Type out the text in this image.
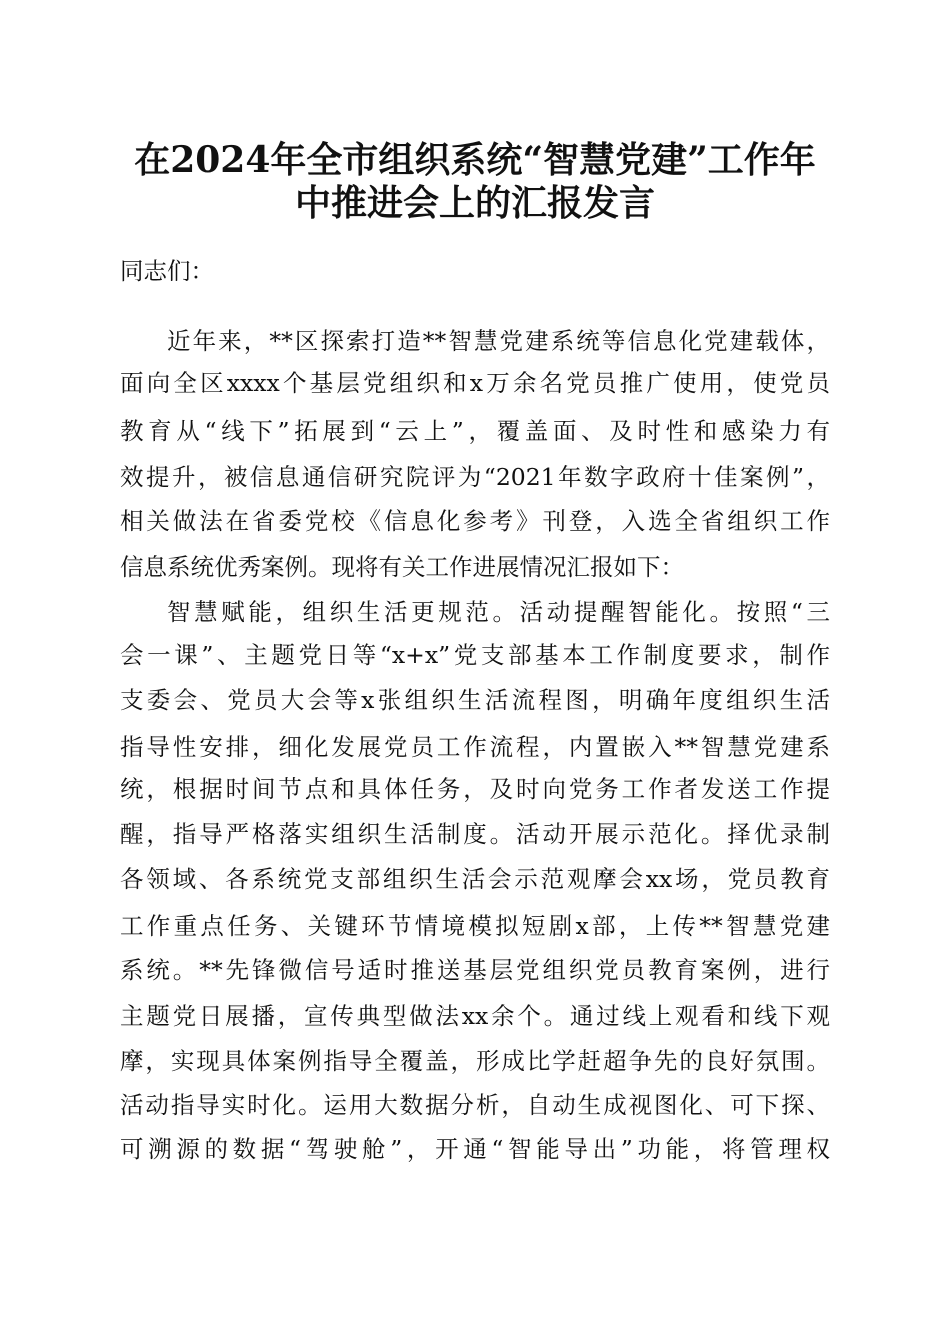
在2024年全市组织系统“智慧党建”工作年
中推进会上的汇报发言
同志们：
近年来，**区探索打造**智慧党建系统等信息化党建载体，
面向全区xxxx个基层党组织和x万余名党员推广使用，使党员
教育从“线下”拓展到“云上”，覆盖面、及时性和感染力有
效提升，被信息通信研究院评为“2021年数字政府十佳案例”，
相关做法在省委党校《信息化参考》刊登，入选全省组织工作
信息系统优秀案例。现将有关工作进展情况汇报如下：
智慧赋能，组织生活更规范。活动提醒智能化。按照“三
会一课”、主题党日等“x+x”党支部基本工作制度要求，制作
支委会、党员大会等x张组织生活流程图，明确年度组织生活
指导性安排，细化发展党员工作流程，内置嵌入**智慧党建系
统，根据时间节点和具体任务，及时向党务工作者发送工作提
醒，指导严格落实组织生活制度。活动开展示范化。择优录制
各领域、各系统党支部组织生活会示范观摩会xx场，党员教育
工作重点任务、关键环节情境模拟短剧x部，上传**智慧党建
系统。**先锋微信号适时推送基层党组织党员教育案例，进行
主题党日展播，宣传典型做法xx余个。通过线上观看和线下观
摩，实现具体案例指导全覆盖，形成比学赶超争先的良好氛围。
活动指导实时化。运用大数据分析，自动生成视图化、可下探、
可溯源的数据“驾驶舱”，开通“智能导出”功能，将管理权
